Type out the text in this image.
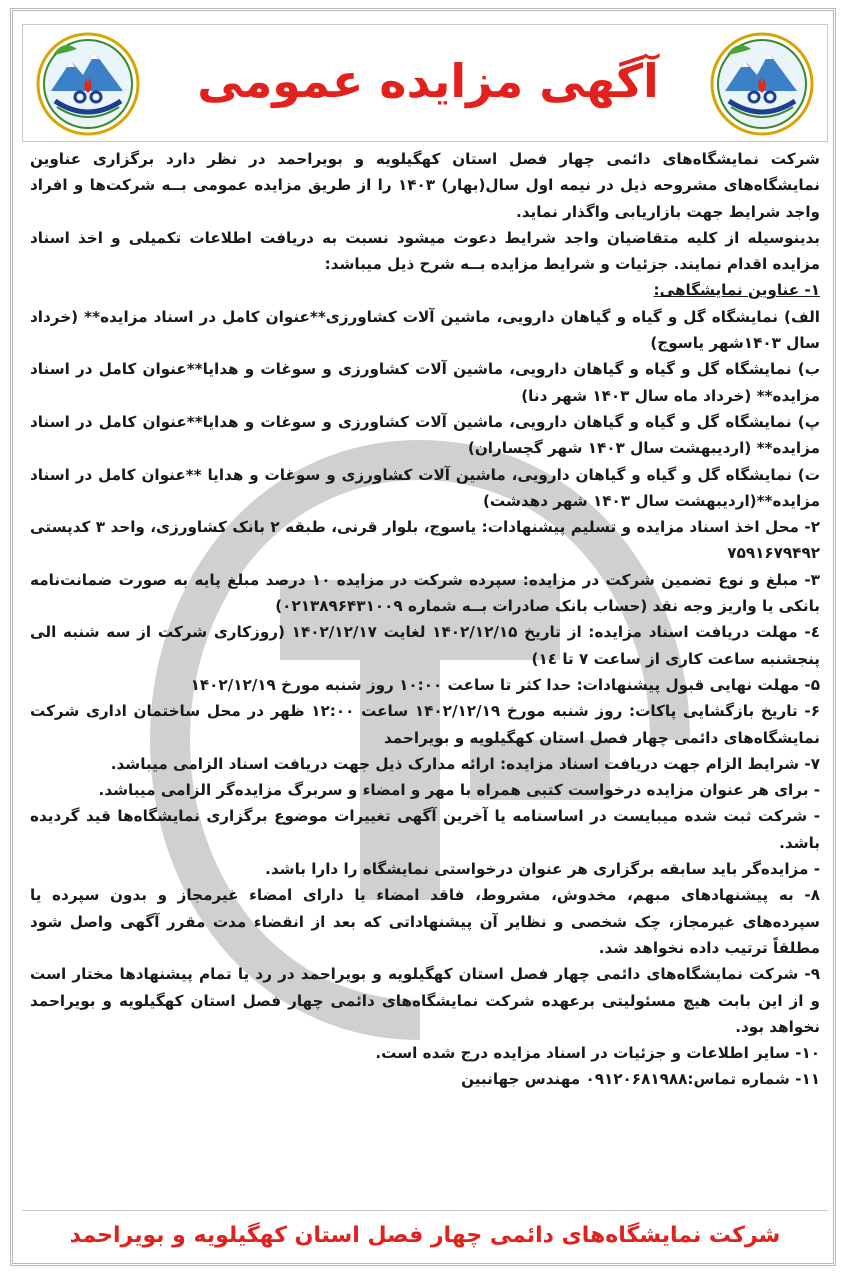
آگهی مزایده عمومی

شرکت نمایشگاه‌های دائمی چهار فصل استان کهگیلویه و بویراحمد در نظر دارد برگزاری عناوین نمایشگاه‌های مشروحه ذیل در نیمه اول سال(بهار) ۱۴۰۳ را از طریق مزایده عمومی بــه شرکت‌ها و افراد واجد شرایط جهت بازاریابی واگذار نماید.

بدینوسیله از کلیه متقاضیان واجد شرایط دعوت میشود نسبت به دریافت اطلاعات تکمیلی و اخذ اسناد مزایده اقدام نمایند. جزئیات و شرایط مزایده بــه شرح ذیل میباشد:

۱- عناوین نمایشگاهی:

الف) نمایشگاه گل و گیاه و گیاهان دارویی، ماشین آلات کشاورزی**عنوان کامل در اسناد مزایده** (خرداد سال ۱۴۰۳شهر یاسوج)

ب) نمایشگاه گل و گیاه و گیاهان دارویی، ماشین آلات کشاورزی و سوغات و هدایا**عنوان کامل در اسناد مزایده** (خرداد ماه سال ۱۴۰۳ شهر دنا)

پ) نمایشگاه گل و گیاه و گیاهان دارویی، ماشین آلات کشاورزی و سوغات و هدایا**عنوان کامل در اسناد مزایده** (اردیبهشت سال ۱۴۰۳ شهر گچساران)

ت) نمایشگاه گل و گیاه و گیاهان دارویی، ماشین آلات کشاورزی و سوغات و هدایا **عنوان کامل در اسناد مزایده**(اردیبهشت سال ۱۴۰۳ شهر دهدشت)

۲- محل اخذ اسناد مزایده و تسلیم پیشنهادات: یاسوج، بلوار قرنی، طبقه ۲ بانک کشاورزی، واحد ۳ کدپستی ۷۵۹۱۶۷۹۴۹۲

۳- مبلغ و نوع تضمین شرکت در مزایده: سپرده شرکت در مزایده ۱۰ درصد مبلغ پایه به صورت ضمانت‌نامه بانکی یا واریز وجه نقد (حساب بانک صادرات بــه شماره ۰۲۱۳۸۹۶۴۳۱۰۰۹)

٤- مهلت دریافت اسناد مزایده: از تاریخ ۱۴۰۲/۱۲/۱۵ لغایت ۱۴۰۲/۱۲/۱۷ (روزکاری شرکت از سه شنبه الی پنجشنبه ساعت کاری از ساعت ۷ تا ۱٤)

۵- مهلت نهایی قبول پیشنهادات: حدا کثر تا ساعت ۱۰:۰۰ روز شنبه مورخ ۱۴۰۲/۱۲/۱۹

۶- تاریخ بازگشایی پاکات: روز شنبه مورخ ۱۴۰۲/۱۲/۱۹ ساعت ۱۲:۰۰ ظهر در محل ساختمان اداری شرکت نمایشگاه‌های دائمی چهار فصل استان کهگیلویه و بویراحمد

۷- شرایط الزام جهت دریافت اسناد مزایده: ارائه مدارک ذیل جهت دریافت اسناد الزامی میباشد.

- برای هر عنوان مزایده درخواست کتبی همراه با مهر و امضاء و سربرگ مزایده‌گر الزامی میباشد.

- شرکت ثبت شده میبایست در اساسنامه یا آخرین آگهی تغییرات موضوع برگزاری نمایشگاه‌ها قید گردیده باشد.

- مزایده‌گر باید سابقه برگزاری هر عنوان درخواستی نمایشگاه را دارا باشد.

۸- به پیشنهادهای مبهم، مخدوش، مشروط، فاقد امضاء یا دارای امضاء غیرمجاز و بدون سپرده یا سپرده‌های غیرمجاز، چک شخصی و نظایر آن پیشنهاداتی که بعد از انقضاء مدت مقرر آگهی واصل شود مطلقاً ترتیب داده نخواهد شد.

۹- شرکت نمایشگاه‌های دائمی چهار فصل استان کهگیلویه و بویراحمد در رد یا تمام پیشنهادها مختار است و از این بابت هیچ مسئولیتی برعهده شرکت نمایشگاه‌های دائمی چهار فصل استان کهگیلویه و بویراحمد نخواهد بود.

۱۰- سایر اطلاعات و جزئیات در اسناد مزایده درج شده است.

۱۱- شماره تماس:۰۹۱۲۰۶۸۱۹۸۸ مهندس جهانبین

شرکت نمایشگاه‌های دائمی چهار فصل استان کهگیلویه و بویراحمد
